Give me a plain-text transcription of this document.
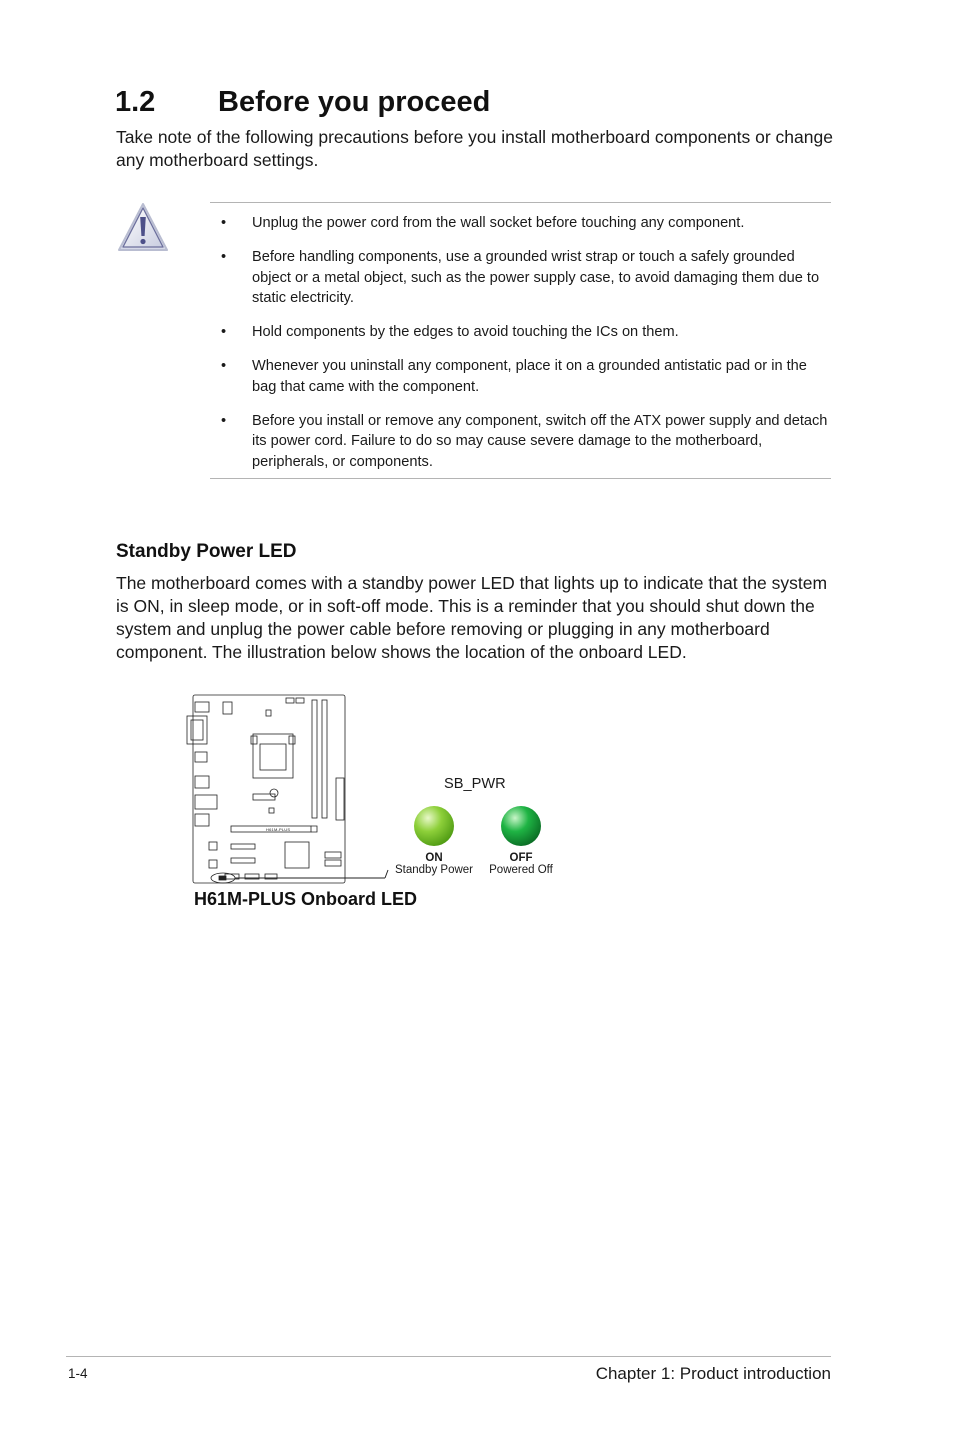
1.2 Before you proceed
Take note of the following precautions before you install motherboard components or change any motherboard settings.
• Unplug the power cord from the wall socket before touching any component.
• Before handling components, use a grounded wrist strap or touch a safely grounded object or a metal object, such as the power supply case, to avoid damaging them due to static electricity.
• Hold components by the edges to avoid touching the ICs on them.
• Whenever you uninstall any component, place it on a grounded antistatic pad or in the bag that came with the component.
• Before you install or remove any component, switch off the ATX power supply and detach its power cord. Failure to do so may cause severe damage to the motherboard, peripherals, or components.
Standby Power LED
The motherboard comes with a standby power LED that lights up to indicate that the system is ON, in sleep mode, or in soft-off mode. This is a reminder that you should shut down the system and unplug the power cable before removing or plugging in any motherboard component. The illustration below shows the location of the onboard LED.
SB_PWR
H61M-PLUS
ON
Standby Power
OFF
Powered Off
H61M-PLUS Onboard LED
1-4	Chapter 1: Product introduction
